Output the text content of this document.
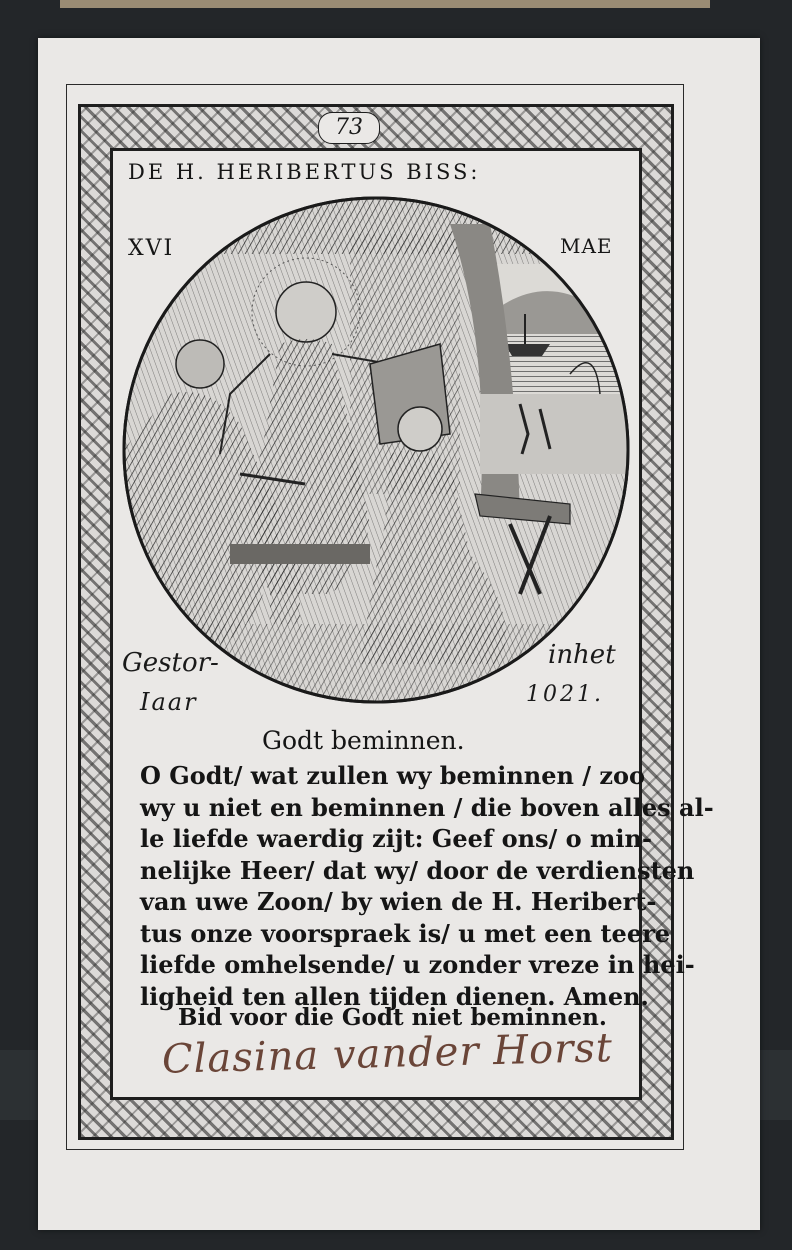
73
DE H. HERIBERTUS BISS:
XVI	MAE
Gestor-	inhet
Iaar	1021.
Godt beminnen.
O Godt/ wat zullen wy beminnen / zoo
wy u niet en beminnen / die boven alles al-
le liefde waerdig zijt: Geef ons/ o min-
nelijke Heer/ dat wy/ door de verdiensten
van uwe Zoon/ by wien de H. Heribert-
tus onze voorspraek is/ u met een teere
liefde omhelsende/ u zonder vreze in hei-
ligheid ten allen tijden dienen. Amen.
Bid voor die Godt niet beminnen.
Clasina vander Horst
